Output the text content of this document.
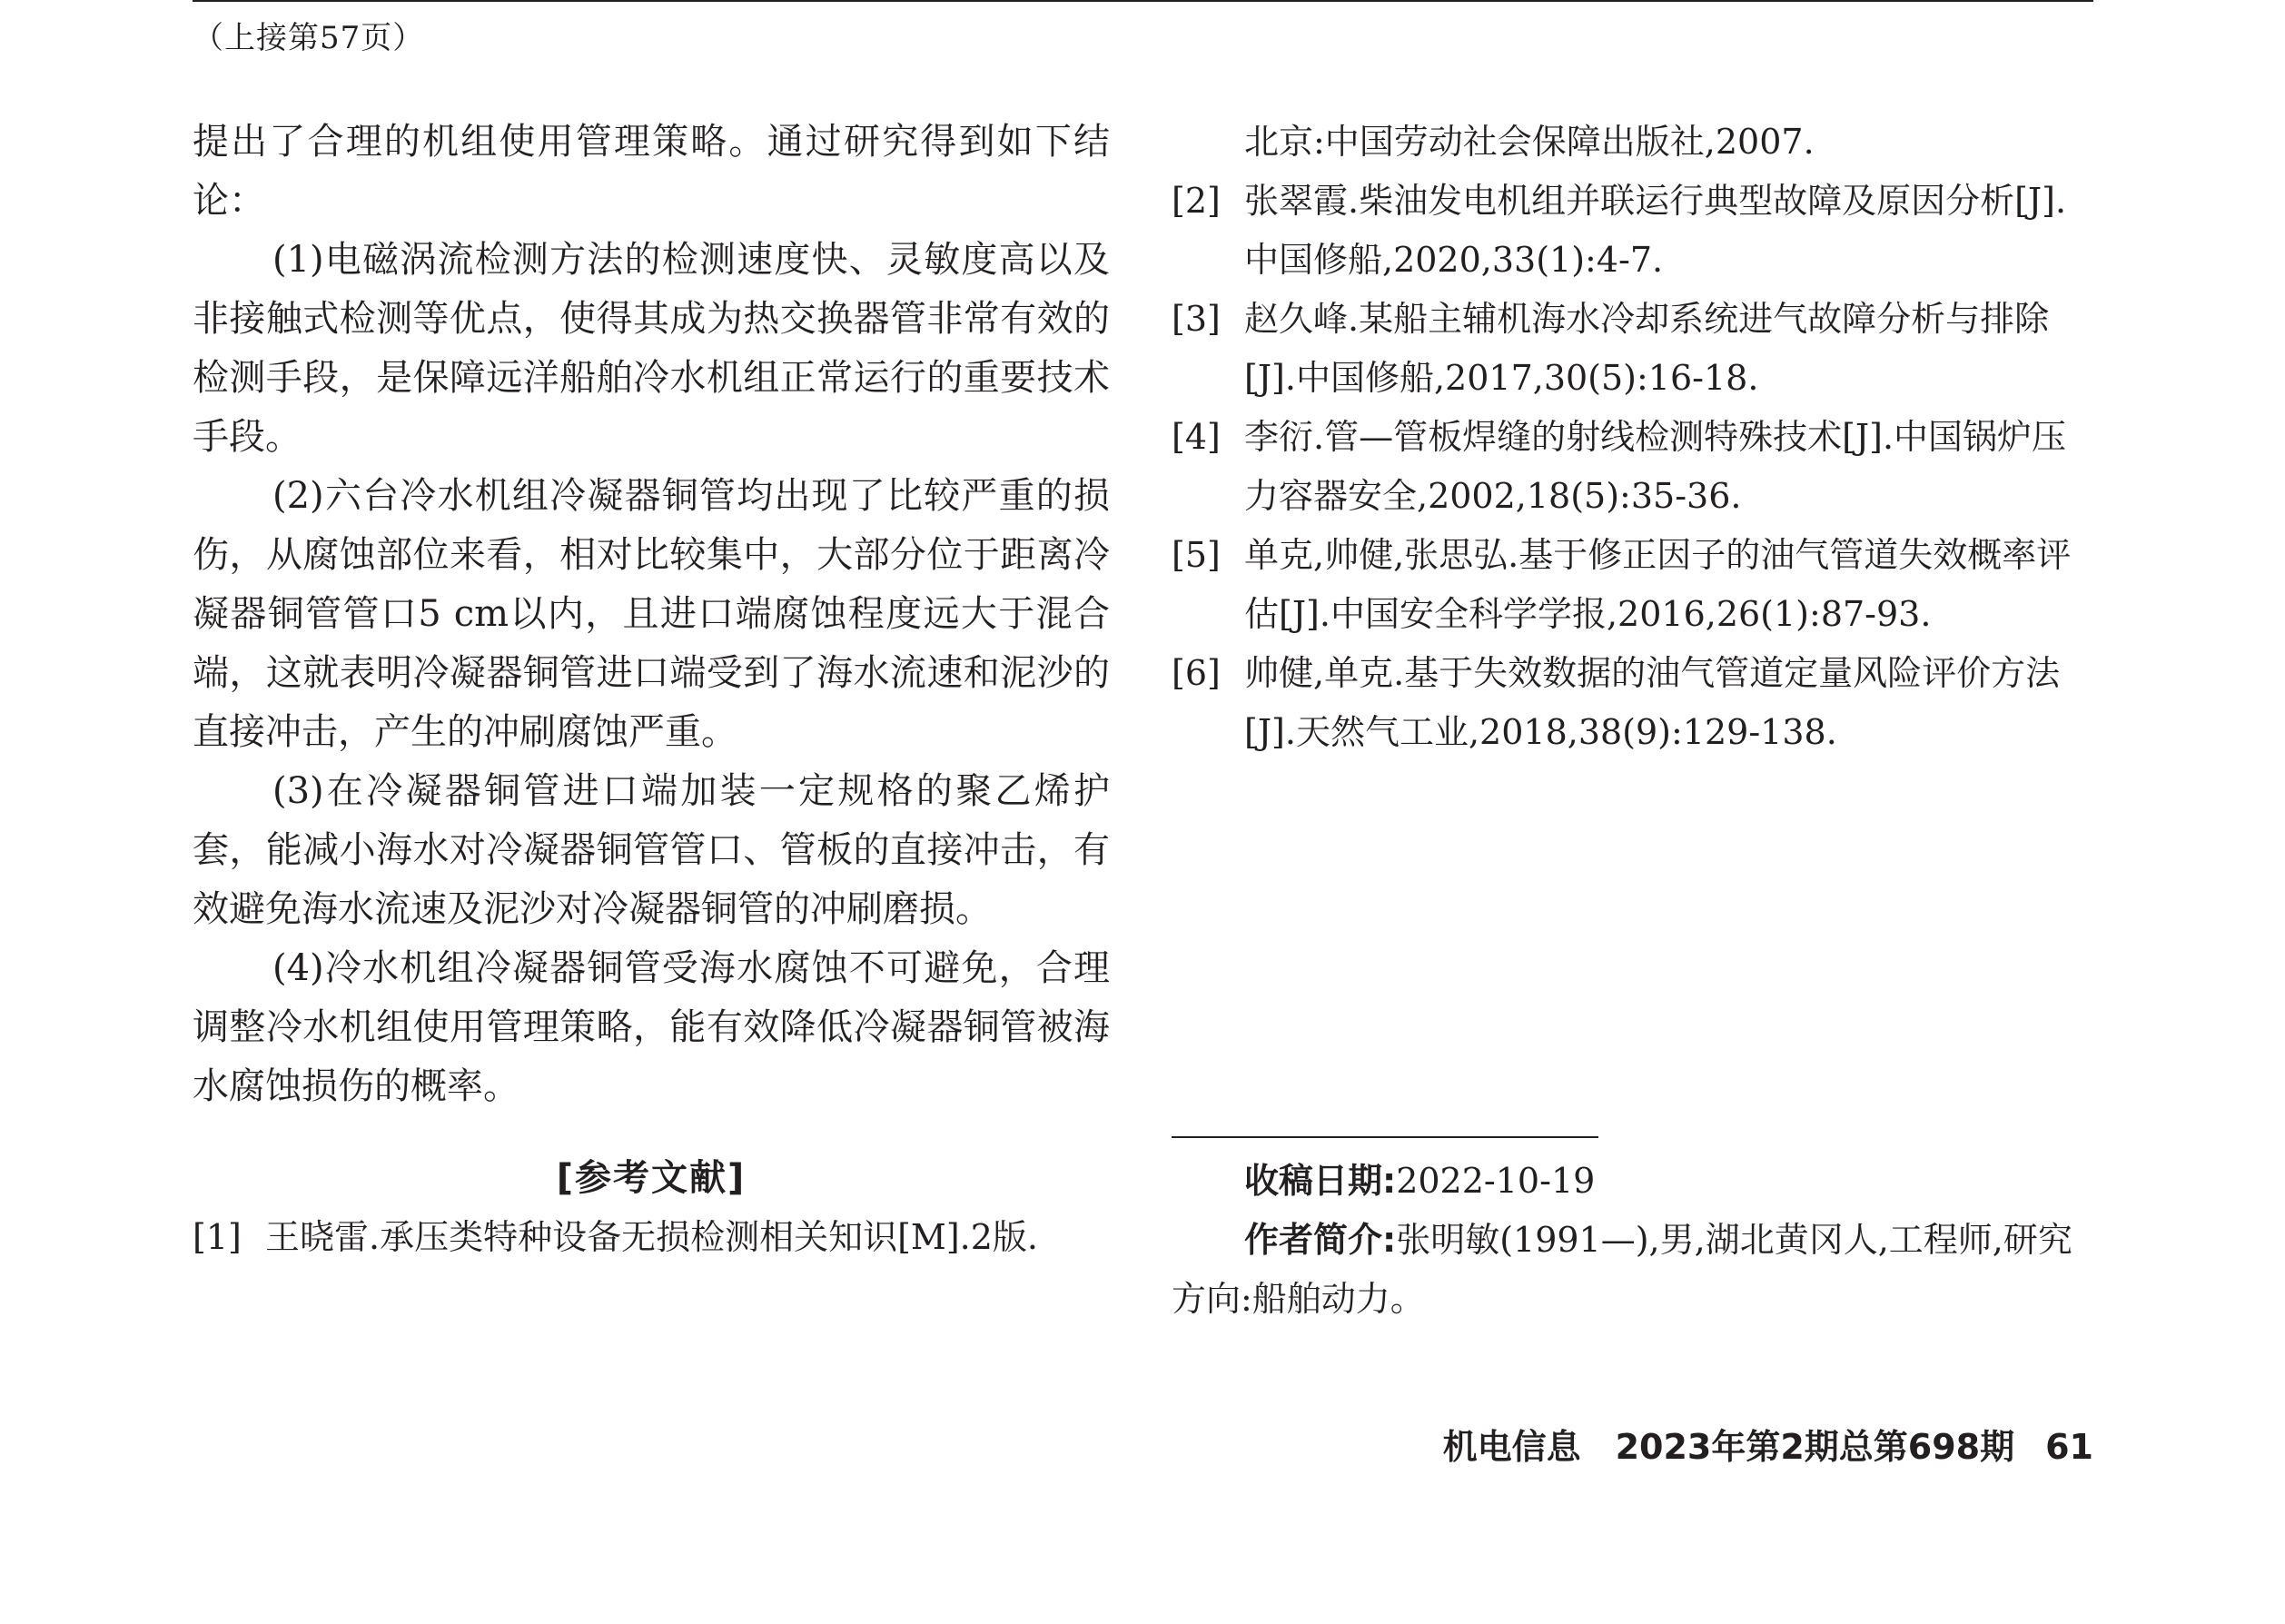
（上接第57页）

提出了合理的机组使用管理策略。通过研究得到如下结论：

(1)电磁涡流检测方法的检测速度快、灵敏度高以及非接触式检测等优点，使得其成为热交换器管非常有效的检测手段，是保障远洋船舶冷水机组正常运行的重要技术手段。

(2)六台冷水机组冷凝器铜管均出现了比较严重的损伤，从腐蚀部位来看，相对比较集中，大部分位于距离冷凝器铜管管口5 cm以内，且进口端腐蚀程度远大于混合端，这就表明冷凝器铜管进口端受到了海水流速和泥沙的直接冲击，产生的冲刷腐蚀严重。

(3)在冷凝器铜管进口端加装一定规格的聚乙烯护套，能减小海水对冷凝器铜管管口、管板的直接冲击，有效避免海水流速及泥沙对冷凝器铜管的冲刷磨损。

(4)冷水机组冷凝器铜管受海水腐蚀不可避免，合理调整冷水机组使用管理策略，能有效降低冷凝器铜管被海水腐蚀损伤的概率。

[参考文献]

[1] 王晓雷.承压类特种设备无损检测相关知识[M].2版.

北京:中国劳动社会保障出版社,2007.

[2] 张翠霞.柴油发电机组并联运行典型故障及原因分析[J].中国修船,2020,33(1):4-7.

[3] 赵久峰.某船主辅机海水冷却系统进气故障分析与排除[J].中国修船,2017,30(5):16-18.

[4] 李衍.管—管板焊缝的射线检测特殊技术[J].中国锅炉压力容器安全,2002,18(5):35-36.

[5] 单克,帅健,张思弘.基于修正因子的油气管道失效概率评估[J].中国安全科学学报,2016,26(1):87-93.

[6] 帅健,单克.基于失效数据的油气管道定量风险评价方法[J].天然气工业,2018,38(9):129-138.

收稿日期:2022-10-19

作者简介:张明敏(1991—),男,湖北黄冈人,工程师,研究方向:船舶动力。

机电信息　2023年第2期总第698期 61
